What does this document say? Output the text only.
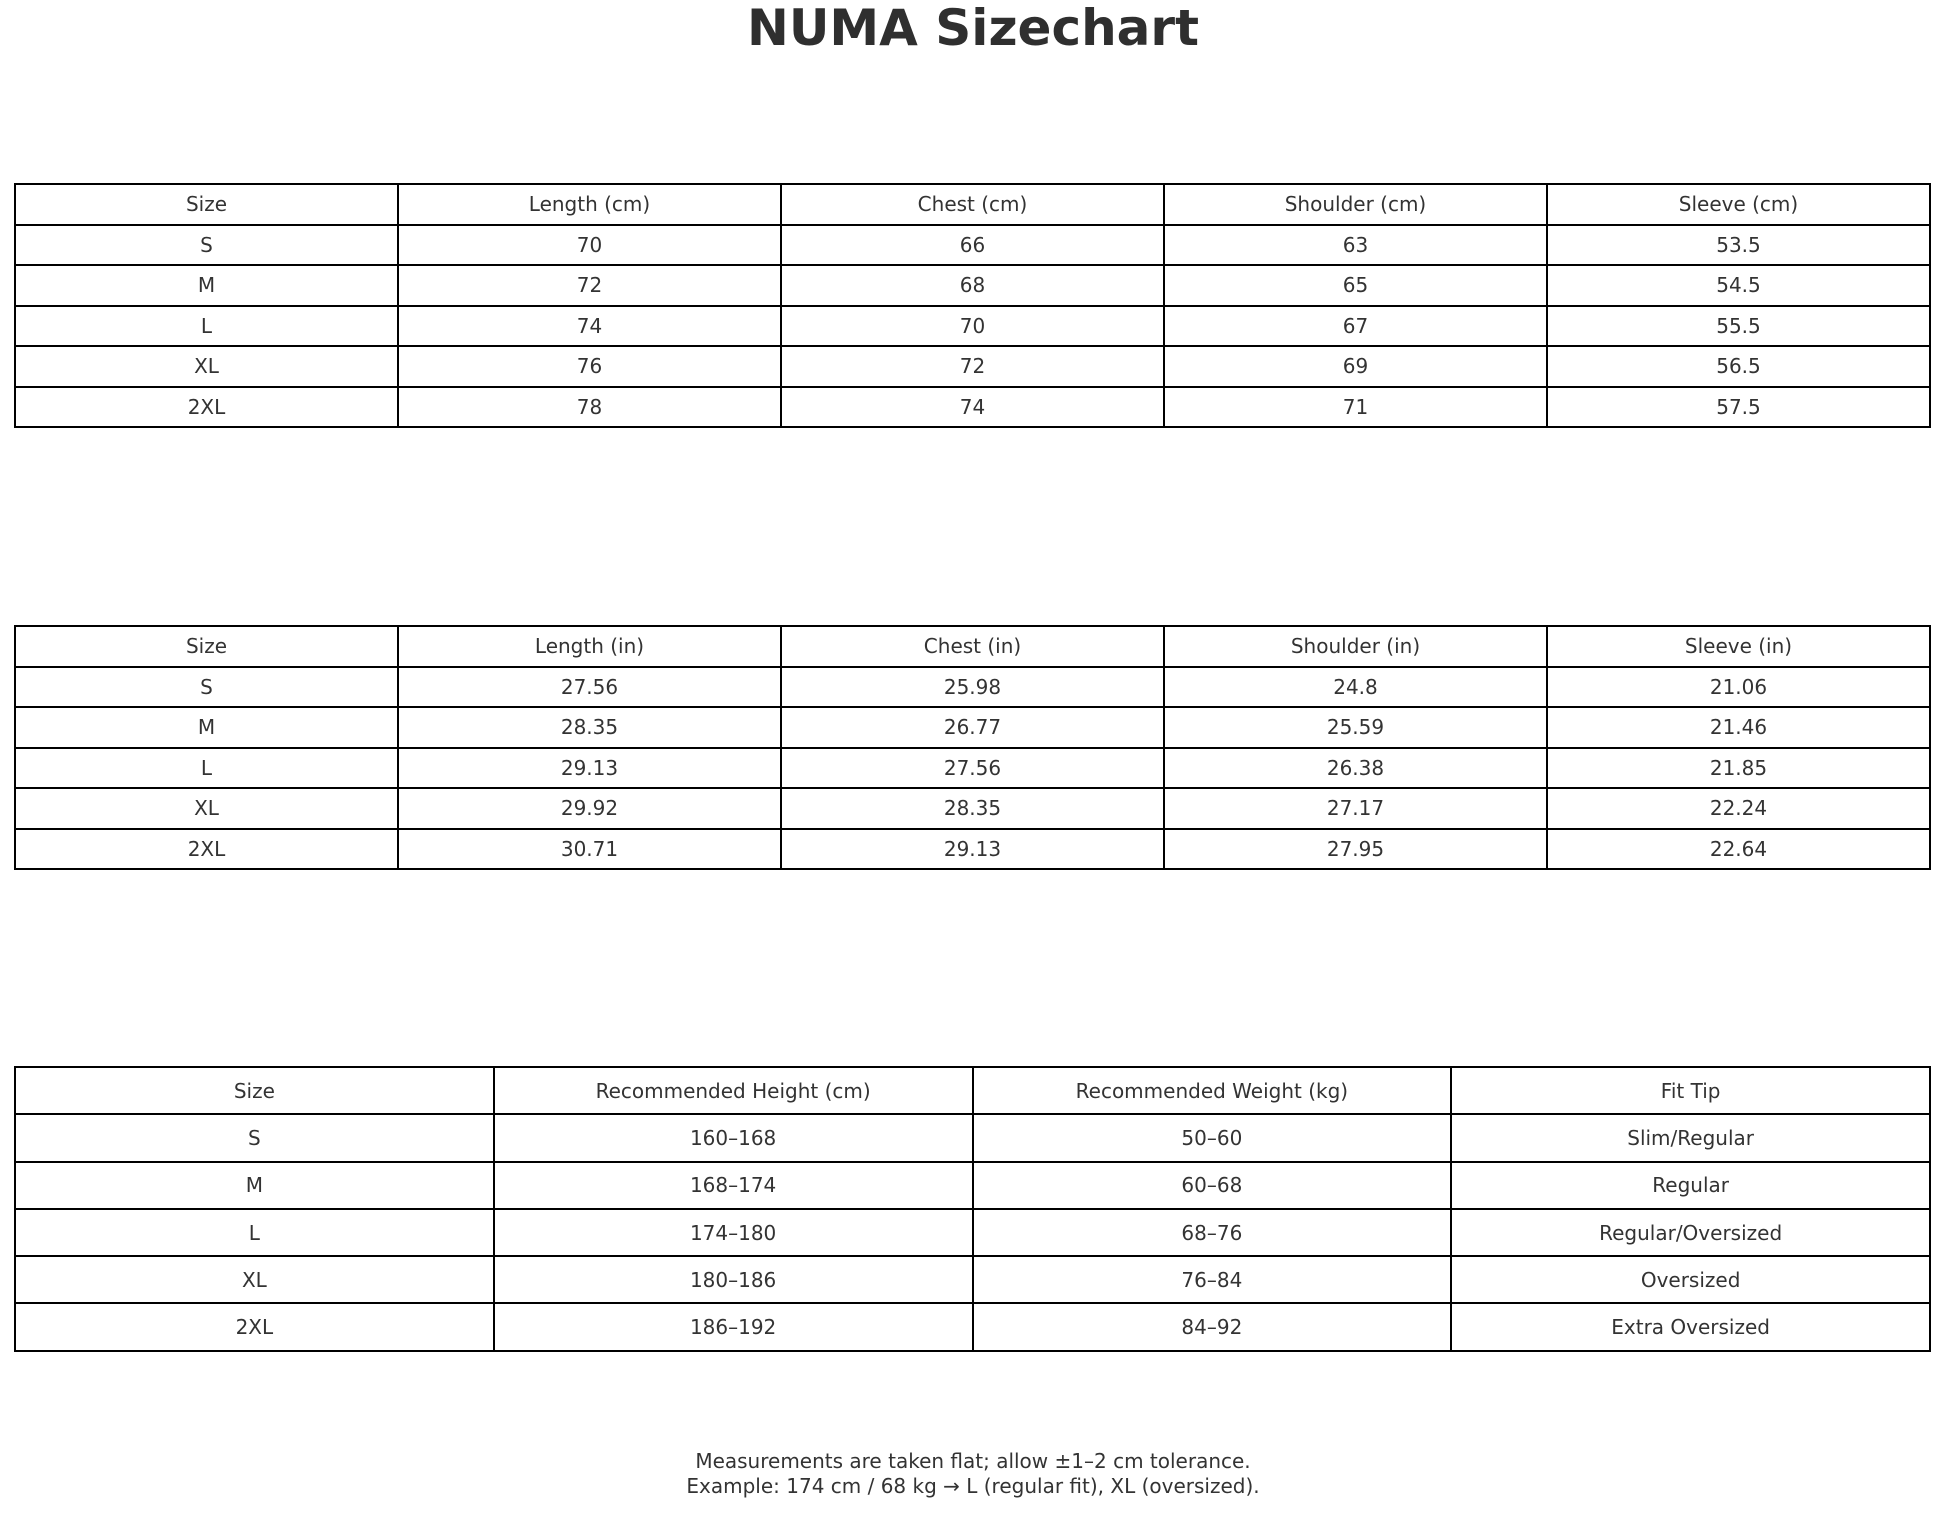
NUMA Sizechart
Size	Length (cm)	Chest (cm)	Shoulder (cm)	Sleeve (cm)
S	70	66	63	53.5
M	72	68	65	54.5
L	74	70	67	55.5
XL	76	72	69	56.5
2XL	78	74	71	57.5
Size	Length (in)	Chest (in)	Shoulder (in)	Sleeve (in)
S	27.56	25.98	24.8	21.06
M	28.35	26.77	25.59	21.46
L	29.13	27.56	26.38	21.85
XL	29.92	28.35	27.17	22.24
2XL	30.71	29.13	27.95	22.64
Size	Recommended Height (cm)	Recommended Weight (kg)	Fit Tip
S	160–168	50–60	Slim/Regular
M	168–174	60–68	Regular
L	174–180	68–76	Regular/Oversized
XL	180–186	76–84	Oversized
2XL	186–192	84–92	Extra Oversized
Measurements are taken flat; allow ±1–2 cm tolerance.
Example: 174 cm / 68 kg → L (regular fit), XL (oversized).
